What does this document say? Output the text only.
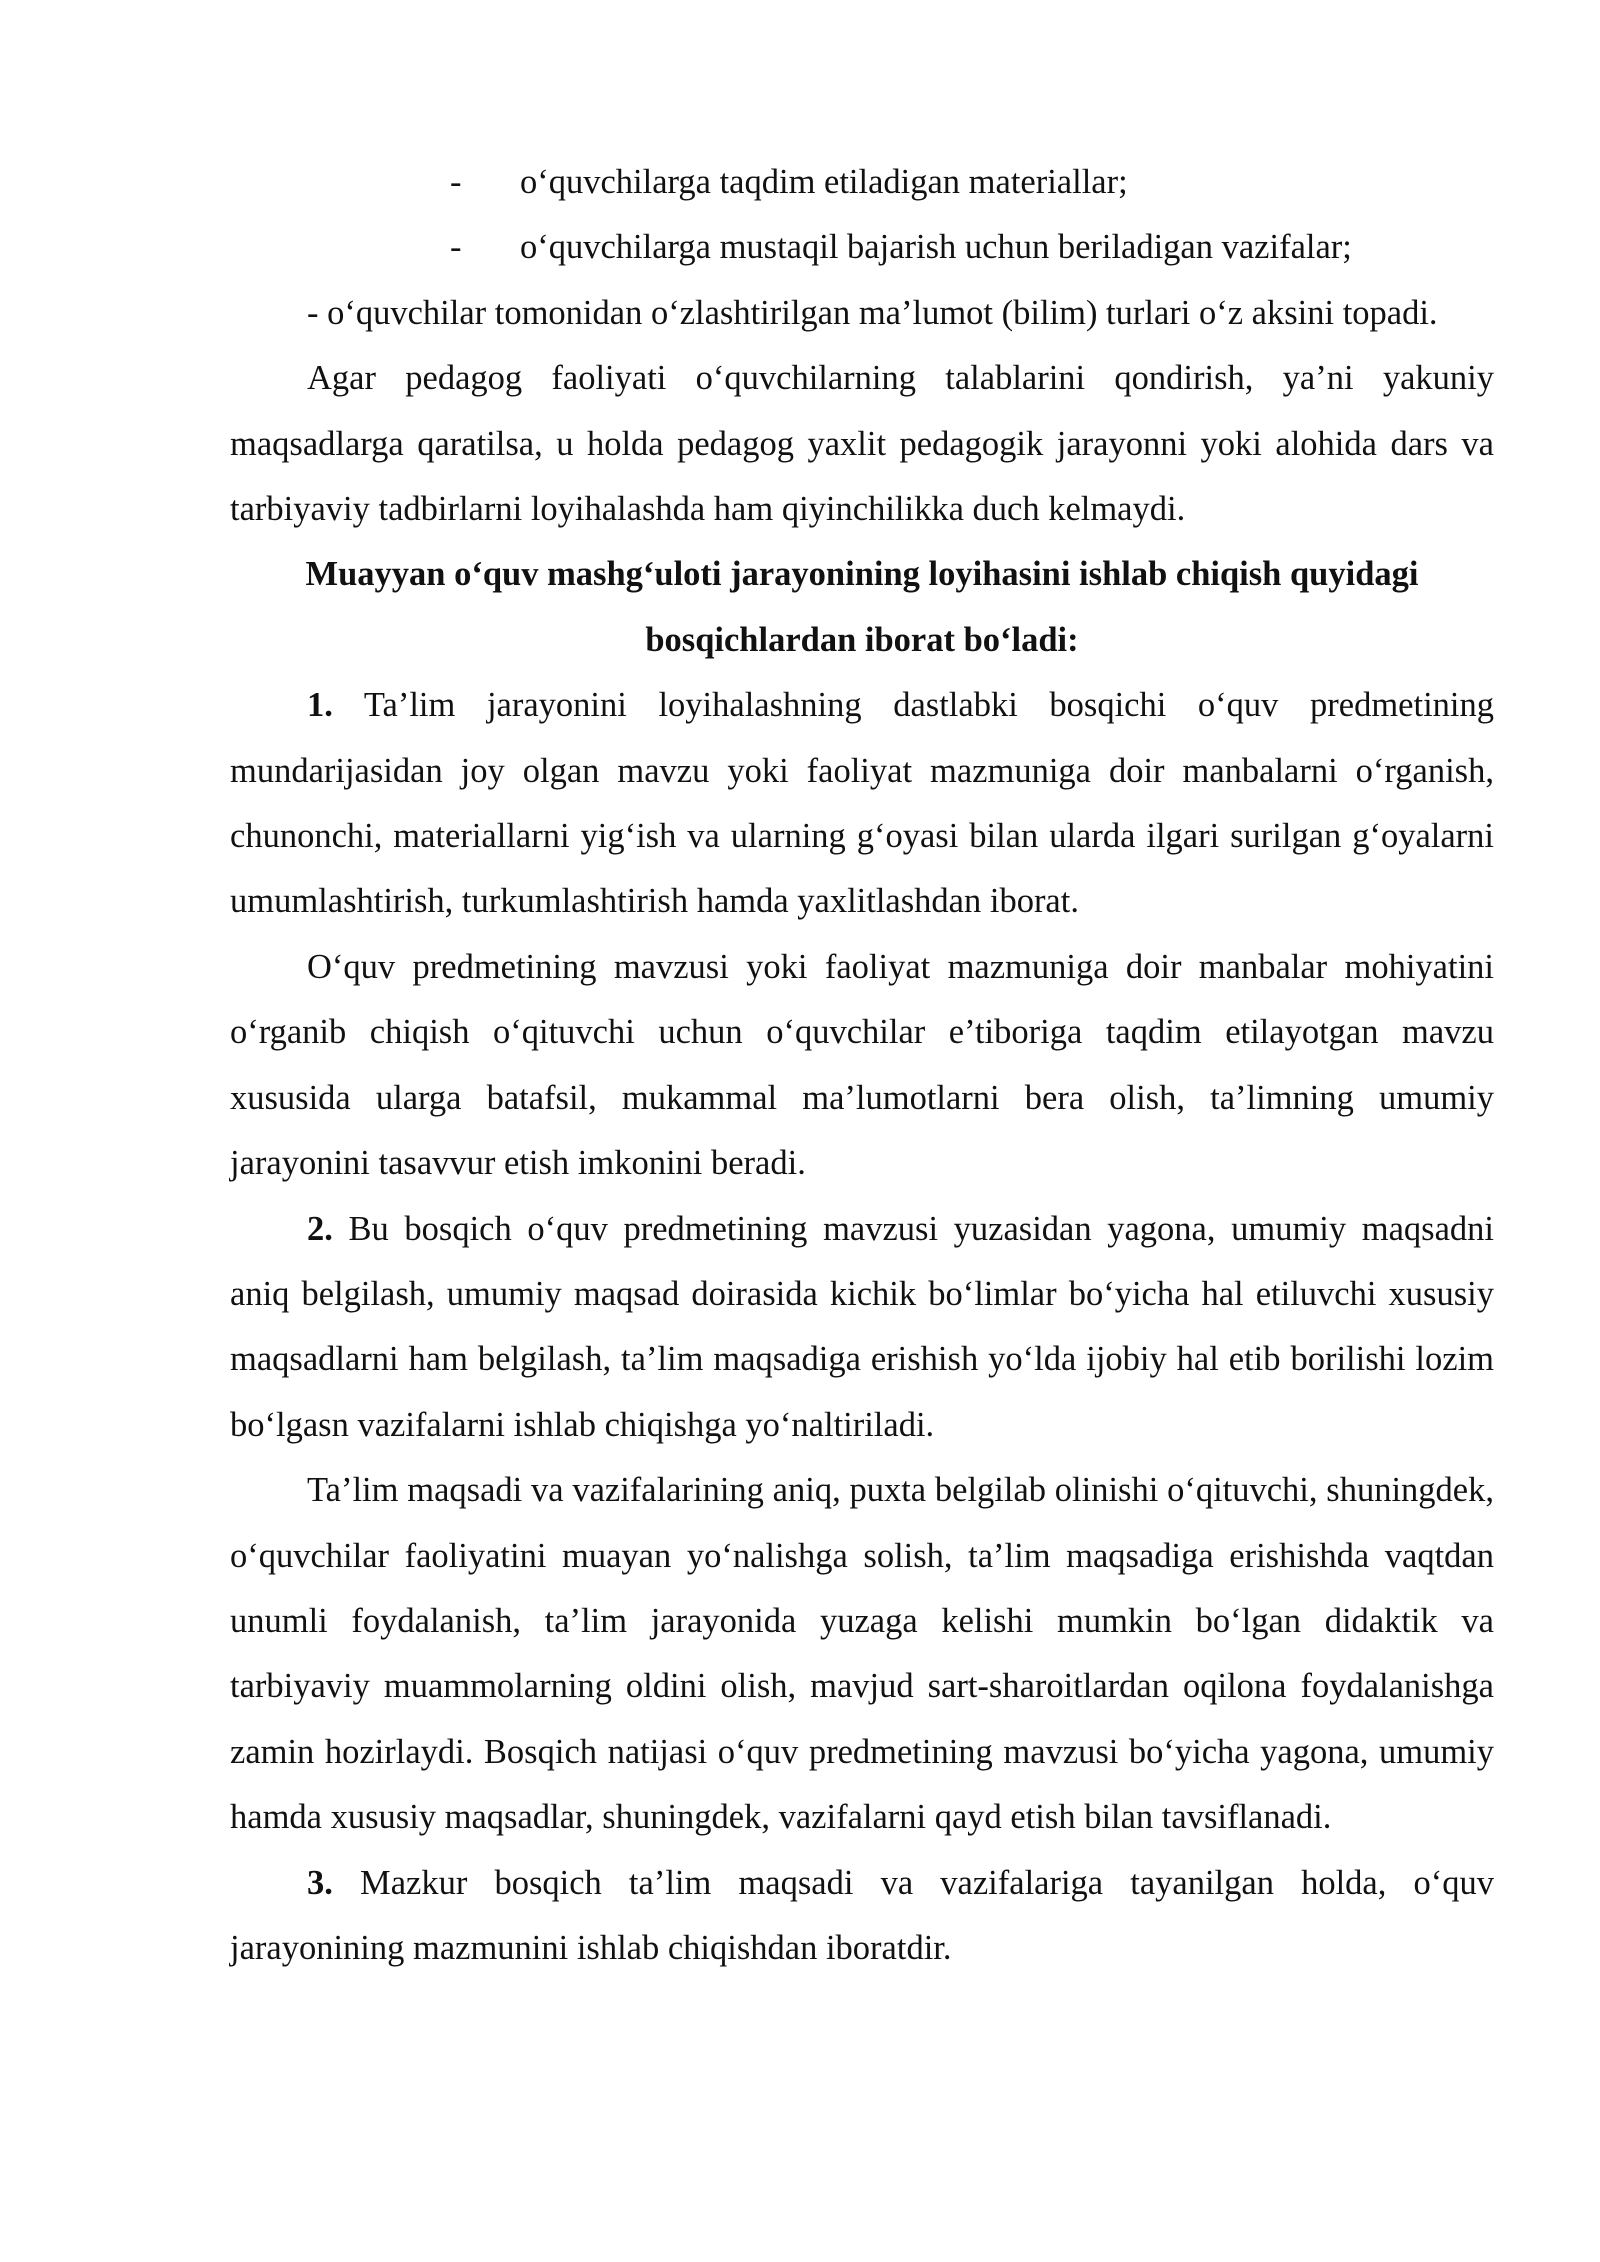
- o‘quvchilarga taqdim etiladigan materiallar;
- o‘quvchilarga mustaqil bajarish uchun beriladigan vazifalar;

- o‘quvchilar tomonidan o‘zlashtirilgan ma’lumot (bilim) turlari o‘z aksini topadi.

Agar pedagog faoliyati o‘quvchilarning talablarini qondirish, ya’ni yakuniy maqsadlarga qaratilsa, u holda pedagog yaxlit pedagogik jarayonni yoki alohida dars va tarbiyaviy tadbirlarni loyihalashda ham qiyinchilikka duch kelmaydi.

Muayyan o‘quv mashg‘uloti jarayonining loyihasini ishlab chiqish quyidagi bosqichlardan iborat bo‘ladi:

1. Ta’lim jarayonini loyihalashning dastlabki bosqichi o‘quv predmetining mundarijasidan joy olgan mavzu yoki faoliyat mazmuniga doir manbalarni o‘rganish, chunonchi, materiallarni yig‘ish va ularning g‘oyasi bilan ularda ilgari surilgan g‘oyalarni umumlashtirish, turkumlashtirish hamda yaxlitlashdan iborat.

O‘quv predmetining mavzusi yoki faoliyat mazmuniga doir manbalar mohiyatini o‘rganib chiqish o‘qituvchi uchun o‘quvchilar e’tiboriga taqdim etilayotgan mavzu xususida ularga batafsil, mukammal ma’lumotlarni bera olish, ta’limning umumiy jarayonini tasavvur etish imkonini beradi.

2. Bu bosqich o‘quv predmetining mavzusi yuzasidan yagona, umumiy maqsadni aniq belgilash, umumiy maqsad doirasida kichik bo‘limlar bo‘yicha hal etiluvchi xususiy maqsadlarni ham belgilash, ta’lim maqsadiga erishish yo‘lda ijobiy hal etib borilishi lozim bo‘lgasn vazifalarni ishlab chiqishga yo‘naltiriladi.

Ta’lim maqsadi va vazifalarining aniq, puxta belgilab olinishi o‘qituvchi, shuningdek, o‘quvchilar faoliyatini muayan yo‘nalishga solish, ta’lim maqsadiga erishishda vaqtdan unumli foydalanish, ta’lim jarayonida yuzaga kelishi mumkin bo‘lgan didaktik va tarbiyaviy muammolarning oldini olish, mavjud sart-sharoitlardan oqilona foydalanishga zamin hozirlaydi. Bosqich natijasi o‘quv predmetining mavzusi bo‘yicha yagona, umumiy hamda xususiy maqsadlar, shuningdek, vazifalarni qayd etish bilan tavsiflanadi.

3. Mazkur bosqich ta’lim maqsadi va vazifalariga tayanilgan holda, o‘quv jarayonining mazmunini ishlab chiqishdan iboratdir.
